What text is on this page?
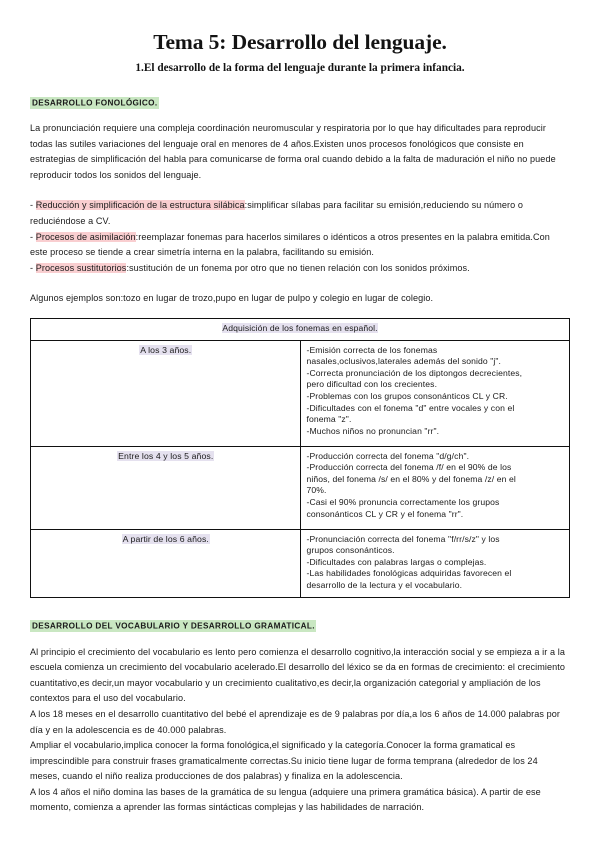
Tema 5: Desarrollo del lenguaje.
1.El desarrollo de la forma del lenguaje durante la primera infancia.
DESARROLLO FONOLÓGICO.

La pronunciación requiere una compleja coordinación neuromuscular y respiratoria por lo que hay dificultades para reproducir todas las sutiles variaciones del lenguaje oral en menores de 4 años.Existen unos procesos fonológicos que consiste en estrategias de simplificación del habla para comunicarse de forma oral cuando debido a la falta de maduración el niño no puede reproducir todos los sonidos del lenguaje.

- Reducción y simplificación de la estructura silábica:simplificar sílabas para facilitar su emisión,reduciendo su número o reduciéndose a CV.
- Procesos de asimilación:reemplazar fonemas para hacerlos similares o idénticos a otros presentes en la palabra emitida.Con este proceso se tiende a crear simetría interna en la palabra, facilitando su emisión.
- Procesos sustitutorios:sustitución de un fonema por otro que no tienen relación con los sonidos próximos.

Algunos ejemplos son:tozo en lugar de trozo,pupo en lugar de pulpo y colegio en lugar de colegio.

Adquisición de los fonemas en español.	
A los 3 años.	-Emisión correcta de los fonemas
nasales,oclusivos,laterales además del sonido "j".
-Correcta pronunciación de los diptongos decrecientes,
pero dificultad con los crecientes.
-Problemas con los grupos consonánticos CL y CR.
-Dificultades con el fonema "d" entre vocales y con el
fonema "z".
-Muchos niños no pronuncian "rr".

Entre los 4 y los 5 años.	-Producción correcta del fonema "d/g/ch".
-Producción correcta del fonema /f/ en el 90% de los
niños, del fonema /s/ en el 80% y del fonema /z/ en el
70%.
-Casi el 90% pronuncia correctamente los grupos
consonánticos CL y CR y el fonema "rr".

A partir de los 6 años.	-Pronunciación correcta del fonema "f/rr/s/z" y los
grupos consonánticos.
-Dificultades con palabras largas o complejas.
-Las habilidades fonológicas adquiridas favorecen el
desarrollo de la lectura y el vocabulario.
DESARROLLO DEL VOCABULARIO Y DESARROLLO GRAMATICAL.

Al principio el crecimiento del vocabulario es lento pero comienza el desarrollo cognitivo,la interacción social y se empieza a ir a la escuela comienza un crecimiento del vocabulario acelerado.El desarrollo del léxico se da en formas de crecimiento: el crecimiento cuantitativo,es decir,un mayor vocabulario y un crecimiento cualitativo,es decir,la organización categorial y ampliación de los contextos para el uso del vocabulario.

A los 18 meses en el desarrollo cuantitativo del bebé el aprendizaje es de 9 palabras por día,a los 6 años de 14.000 palabras por día y en la adolescencia es de 40.000 palabras.

Ampliar el vocabulario,implica conocer la forma fonológica,el significado y la categoría.Conocer la forma gramatical es imprescindible para construir frases gramaticalmente correctas.Su inicio tiene lugar de forma temprana (alrededor de los 24 meses, cuando el niño realiza producciones de dos palabras) y finaliza en la adolescencia.

A los 4 años el niño domina las bases de la gramática de su lengua (adquiere una primera gramática básica). A partir de ese momento, comienza a aprender las formas sintácticas complejas y las habilidades de narración.
